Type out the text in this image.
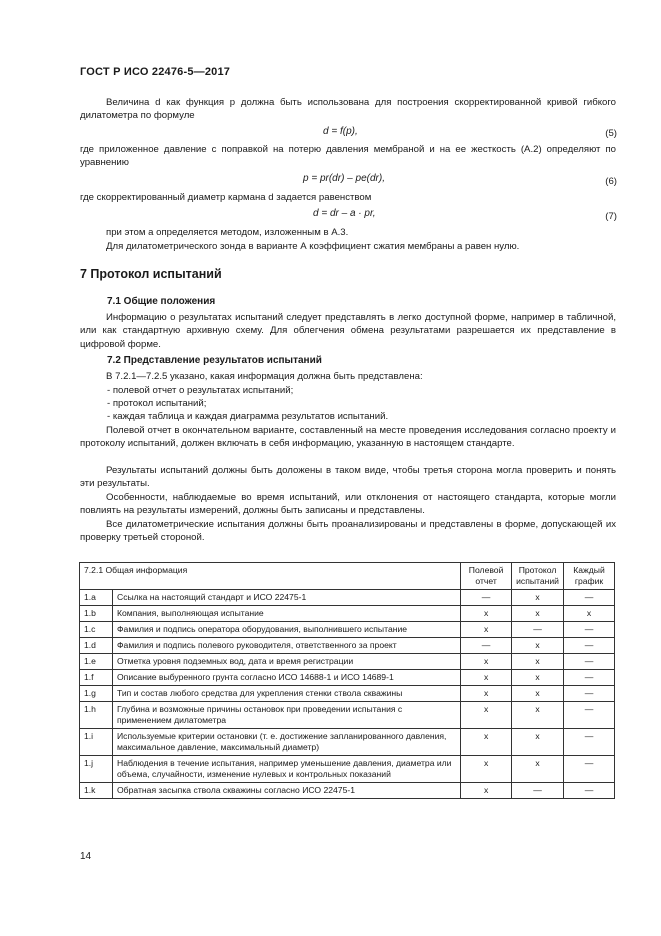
ГОСТ Р ИСО 22476-5—2017

Величина d как функция p должна быть использована для построения скорректированной кривой гибкого дилатометра по формуле

d = f(p),	(5)

где приложенное давление с поправкой на потерю давления мембраной и на ее жесткость (А.2) определяют по уравнению

p = pr(dr) – pe(dr),	(6)

где скорректированный диаметр кармана d задается равенством

d = dr – a · pr,	(7)

при этом a определяется методом, изложенным в А.3.

Для дилатометрического зонда в варианте А коэффициент сжатия мембраны a равен нулю.

7 Протокол испытаний
7.1 Общие положения

Информацию о результатах испытаний следует представлять в легко доступной форме, например в табличной, или как стандартную архивную схему. Для облегчения обмена результатами разрешается их представление в цифровой форме.

7.2 Представление результатов испытаний

В 7.2.1—7.2.5 указано, какая информация должна быть представлена:

- полевой отчет о результатах испытаний;

- протокол испытаний;

- каждая таблица и каждая диаграмма результатов испытаний.

Полевой отчет в окончательном варианте, составленный на месте проведения исследования согласно проекту и протоколу испытаний, должен включать в себя информацию, указанную в настоящем стандарте.

Результаты испытаний должны быть доложены в таком виде, чтобы третья сторона могла проверить и понять эти результаты.

Особенности, наблюдаемые во время испытаний, или отклонения от настоящего стандарта, которые могли повлиять на результаты измерений, должны быть записаны и представлены.

Все дилатометрические испытания должны быть проанализированы и представлены в форме, допускающей их проверку третьей стороной.

7.2.1 Общая информация		Полевой отчет	Протокол испытаний	Каждый график
1.a	Ссылка на настоящий стандарт и ИСО 22475-1	—	x	—
1.b	Компания, выполняющая испытание	x	x	x
1.c	Фамилия и подпись оператора оборудования, выполнившего испытание	x	—	—
1.d	Фамилия и подпись полевого руководителя, ответственного за проект	—	x	—
1.e	Отметка уровня подземных вод, дата и время регистрации	x	x	—
1.f	Описание выбуренного грунта согласно ИСО 14688-1 и ИСО 14689-1	x	x	—
1.g	Тип и состав любого средства для укрепления стенки ствола скважины	x	x	—
1.h	Глубина и возможные причины остановок при проведении испытания с применением дилатометра	x	x	—
1.i	Используемые критерии остановки (т. е. достижение запланированного давления, максимальное давление, максимальный диаметр)	x	x	—
1.j	Наблюдения в течение испытания, например уменьшение давления, диаметра или объема, случайности, изменение нулевых и контрольных показаний	x	x	—
1.k	Обратная засыпка ствола скважины согласно ИСО 22475-1	x	—	—
14
